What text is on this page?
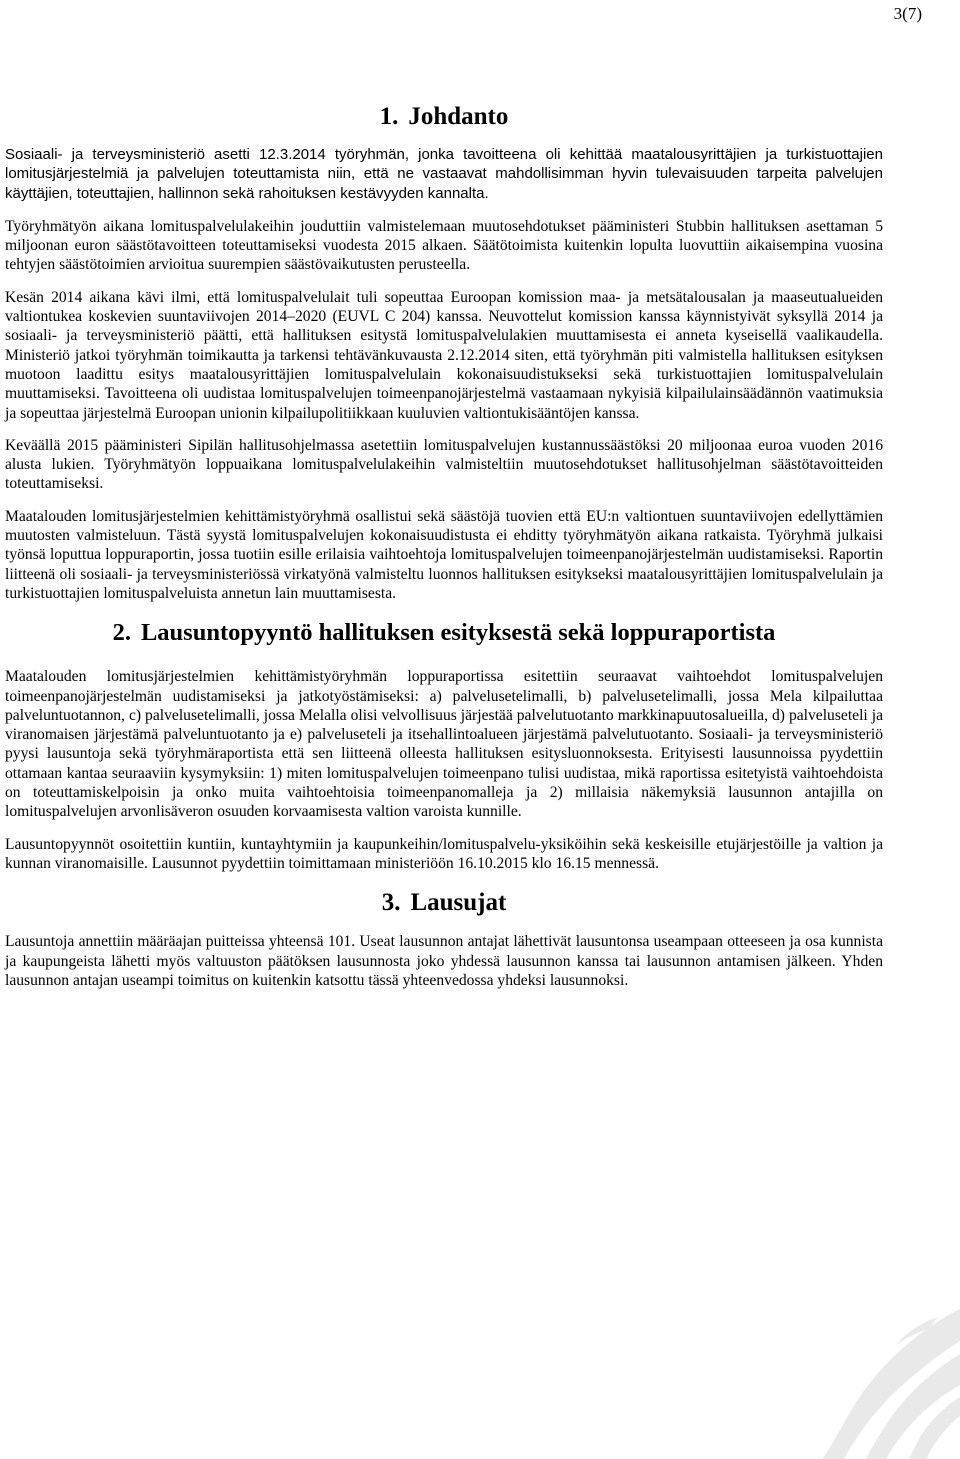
3(7)
1. Johdanto

Sosiaali- ja terveysministeriö asetti 12.3.2014 työryhmän, jonka tavoitteena oli kehittää maatalousyrittäjien ja turkistuottajien lomitusjärjestelmiä ja palvelujen toteuttamista niin, että ne vastaavat mahdollisimman hyvin tulevaisuuden tarpeita palvelujen käyttäjien, toteuttajien, hallinnon sekä rahoituksen kestävyyden kannalta.

Työryhmätyön aikana lomituspalvelulakeihin jouduttiin valmistelemaan muutosehdotukset pääministeri Stubbin hallituksen asettaman 5 miljoonan euron säästötavoitteen toteuttamiseksi vuodesta 2015 alkaen. Säätötoimista kuitenkin lopulta luovuttiin aikaisempina vuosina tehtyjen säästötoimien arvioitua suurempien säästövaikutusten perusteella.

Kesän 2014 aikana kävi ilmi, että lomituspalvelulait tuli sopeuttaa Euroopan komission maa- ja metsätalousalan ja maaseutualueiden valtiontukea koskevien suuntaviivojen 2014–2020 (EUVL C 204) kanssa. Neuvottelut komission kanssa käynnistyivät syksyllä 2014 ja sosiaali- ja terveysministeriö päätti, että hallituksen esitystä lomituspalvelulakien muuttamisesta ei anneta kyseisellä vaalikaudella. Ministeriö jatkoi työryhmän toimikautta ja tarkensi tehtävänkuvausta 2.12.2014 siten, että työryhmän piti valmistella hallituksen esityksen muotoon laadittu esitys maatalousyrittäjien lomituspalvelulain kokonaisuudistukseksi sekä turkistuottajien lomituspalvelulain muuttamiseksi. Tavoitteena oli uudistaa lomituspalvelujen toimeenpanojärjestelmä vastaamaan nykyisiä kilpailulainsäädännön vaatimuksia ja sopeuttaa järjestelmä Euroopan unionin kilpailupolitiikkaan kuuluvien valtiontukisääntöjen kanssa.

Keväällä 2015 pääministeri Sipilän hallitusohjelmassa asetettiin lomituspalvelujen kustannussäästöksi 20 miljoonaa euroa vuoden 2016 alusta lukien. Työryhmätyön loppuaikana lomituspalvelulakeihin valmisteltiin muutosehdotukset hallitusohjelman säästötavoitteiden toteuttamiseksi.

Maatalouden lomitusjärjestelmien kehittämistyöryhmä osallistui sekä säästöjä tuovien että EU:n valtiontuen suuntaviivojen edellyttämien muutosten valmisteluun. Tästä syystä lomituspalvelujen kokonaisuudistusta ei ehditty työryhmätyön aikana ratkaista. Työryhmä julkaisi työnsä loputtua loppuraportin, jossa tuotiin esille erilaisia vaihtoehtoja lomituspalvelujen toimeenpanojärjestelmän uudistamiseksi. Raportin liitteenä oli sosiaali- ja terveysministeriössä virkatyönä valmisteltu luonnos hallituksen esitykseksi maatalousyrittäjien lomituspalvelulain ja turkistuottajien lomituspalveluista annetun lain muuttamisesta.

2. Lausuntopyyntö hallituksen esityksestä sekä loppuraportista

Maatalouden lomitusjärjestelmien kehittämistyöryhmän loppuraportissa esitettiin seuraavat vaihtoehdot lomituspalvelujen toimeenpanojärjestelmän uudistamiseksi ja jatkotyöstämiseksi: a) palvelusetelimalli, b) palvelusetelimalli, jossa Mela kilpailuttaa palveluntuotannon, c) palvelusetelimalli, jossa Melalla olisi velvollisuus järjestää palvelutuotanto markkinapuutosalueilla, d) palveluseteli ja viranomaisen järjestämä palveluntuotanto ja e) palveluseteli ja itsehallintoalueen järjestämä palvelutuotanto. Sosiaali- ja terveysministeriö pyysi lausuntoja sekä työryhmäraportista että sen liitteenä olleesta hallituksen esitysluonnoksesta. Erityisesti lausunnoissa pyydettiin ottamaan kantaa seuraaviin kysymyksiin: 1) miten lomituspalvelujen toimeenpano tulisi uudistaa, mikä raportissa esitetyistä vaihtoehdoista on toteuttamiskelpoisin ja onko muita vaihtoehtoisia toimeenpanomalleja ja 2) millaisia näkemyksiä lausunnon antajilla on lomituspalvelujen arvonlisäveron osuuden korvaamisesta valtion varoista kunnille.

Lausuntopyynnöt osoitettiin kuntiin, kuntayhtymiin ja kaupunkeihin/lomituspalvelu-yksiköihin sekä keskeisille etujärjestöille ja valtion ja kunnan viranomaisille. Lausunnot pyydettiin toimittamaan ministeriöön 16.10.2015 klo 16.15 mennessä.

3. Lausujat

Lausuntoja annettiin määräajan puitteissa yhteensä 101. Useat lausunnon antajat lähettivät lausuntonsa useampaan otteeseen ja osa kunnista ja kaupungeista lähetti myös valtuuston päätöksen lausunnosta joko yhdessä lausunnon kanssa tai lausunnon antamisen jälkeen. Yhden lausunnon antajan useampi toimitus on kuitenkin katsottu tässä yhteenvedossa yhdeksi lausunnoksi.
